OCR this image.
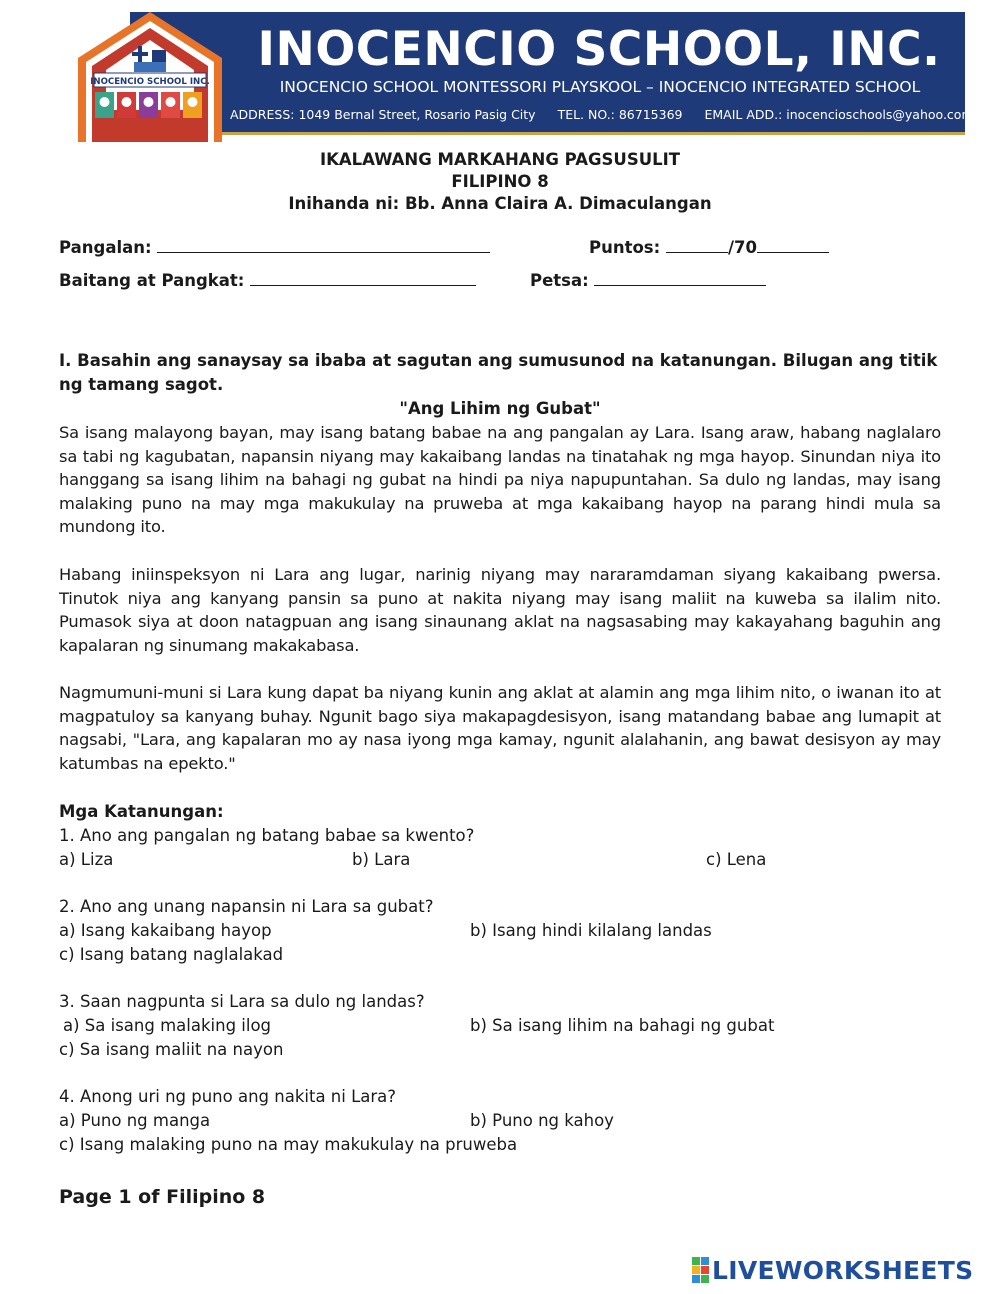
INOCENCIO SCHOOL, INC.
INOCENCIO SCHOOL MONTESSORI PLAYSKOOL – INOCENCIO INTEGRATED SCHOOL
ADDRESS: 1049 Bernal Street, Rosario Pasig City TEL. NO.: 86715369 EMAIL ADD.: inocencioschools@yahoo.com
INOCENCIO SCHOOL INC.
IKALAWANG MARKAHANG PAGSUSULIT
FILIPINO 8
Inihanda ni: Bb. Anna Claira A. Dimaculangan
Pangalan:	Puntos:	/70
Baitang at Pangkat:	Petsa:
I. Basahin ang sanaysay sa ibaba at sagutan ang sumusunod na katanungan. Bilugan ang titik ng tamang sagot.
"Ang Lihim ng Gubat"
Sa isang malayong bayan, may isang batang babae na ang pangalan ay Lara. Isang araw, habang naglalaro sa tabi ng kagubatan, napansin niyang may kakaibang landas na tinatahak ng mga hayop. Sinundan niya ito hanggang sa isang lihim na bahagi ng gubat na hindi pa niya napupuntahan. Sa dulo ng landas, may isang malaking puno na may mga makukulay na pruweba at mga kakaibang hayop na parang hindi mula sa mundong ito.
Habang iniinspeksyon ni Lara ang lugar, narinig niyang may nararamdaman siyang kakaibang pwersa. Tinutok niya ang kanyang pansin sa puno at nakita niyang may isang maliit na kuweba sa ilalim nito. Pumasok siya at doon natagpuan ang isang sinaunang aklat na nagsasabing may kakayahang baguhin ang kapalaran ng sinumang makakabasa.
Nagmumuni-muni si Lara kung dapat ba niyang kunin ang aklat at alamin ang mga lihim nito, o iwanan ito at magpatuloy sa kanyang buhay. Ngunit bago siya makapagdesisyon, isang matandang babae ang lumapit at nagsabi, "Lara, ang kapalaran mo ay nasa iyong mga kamay, ngunit alalahanin, ang bawat desisyon ay may katumbas na epekto."
Mga Katanungan:
1. Ano ang pangalan ng batang babae sa kwento?
a) Liza	b) Lara	c) Lena
2. Ano ang unang napansin ni Lara sa gubat?
a) Isang kakaibang hayop	b) Isang hindi kilalang landas
c) Isang batang naglalakad
3. Saan nagpunta si Lara sa dulo ng landas?
a) Sa isang malaking ilog	b) Sa isang lihim na bahagi ng gubat
c) Sa isang maliit na nayon
4. Anong uri ng puno ang nakita ni Lara?
a) Puno ng manga	b) Puno ng kahoy
c) Isang malaking puno na may makukulay na pruweba
Page 1 of Filipino 8
LIVEWORKSHEETS
